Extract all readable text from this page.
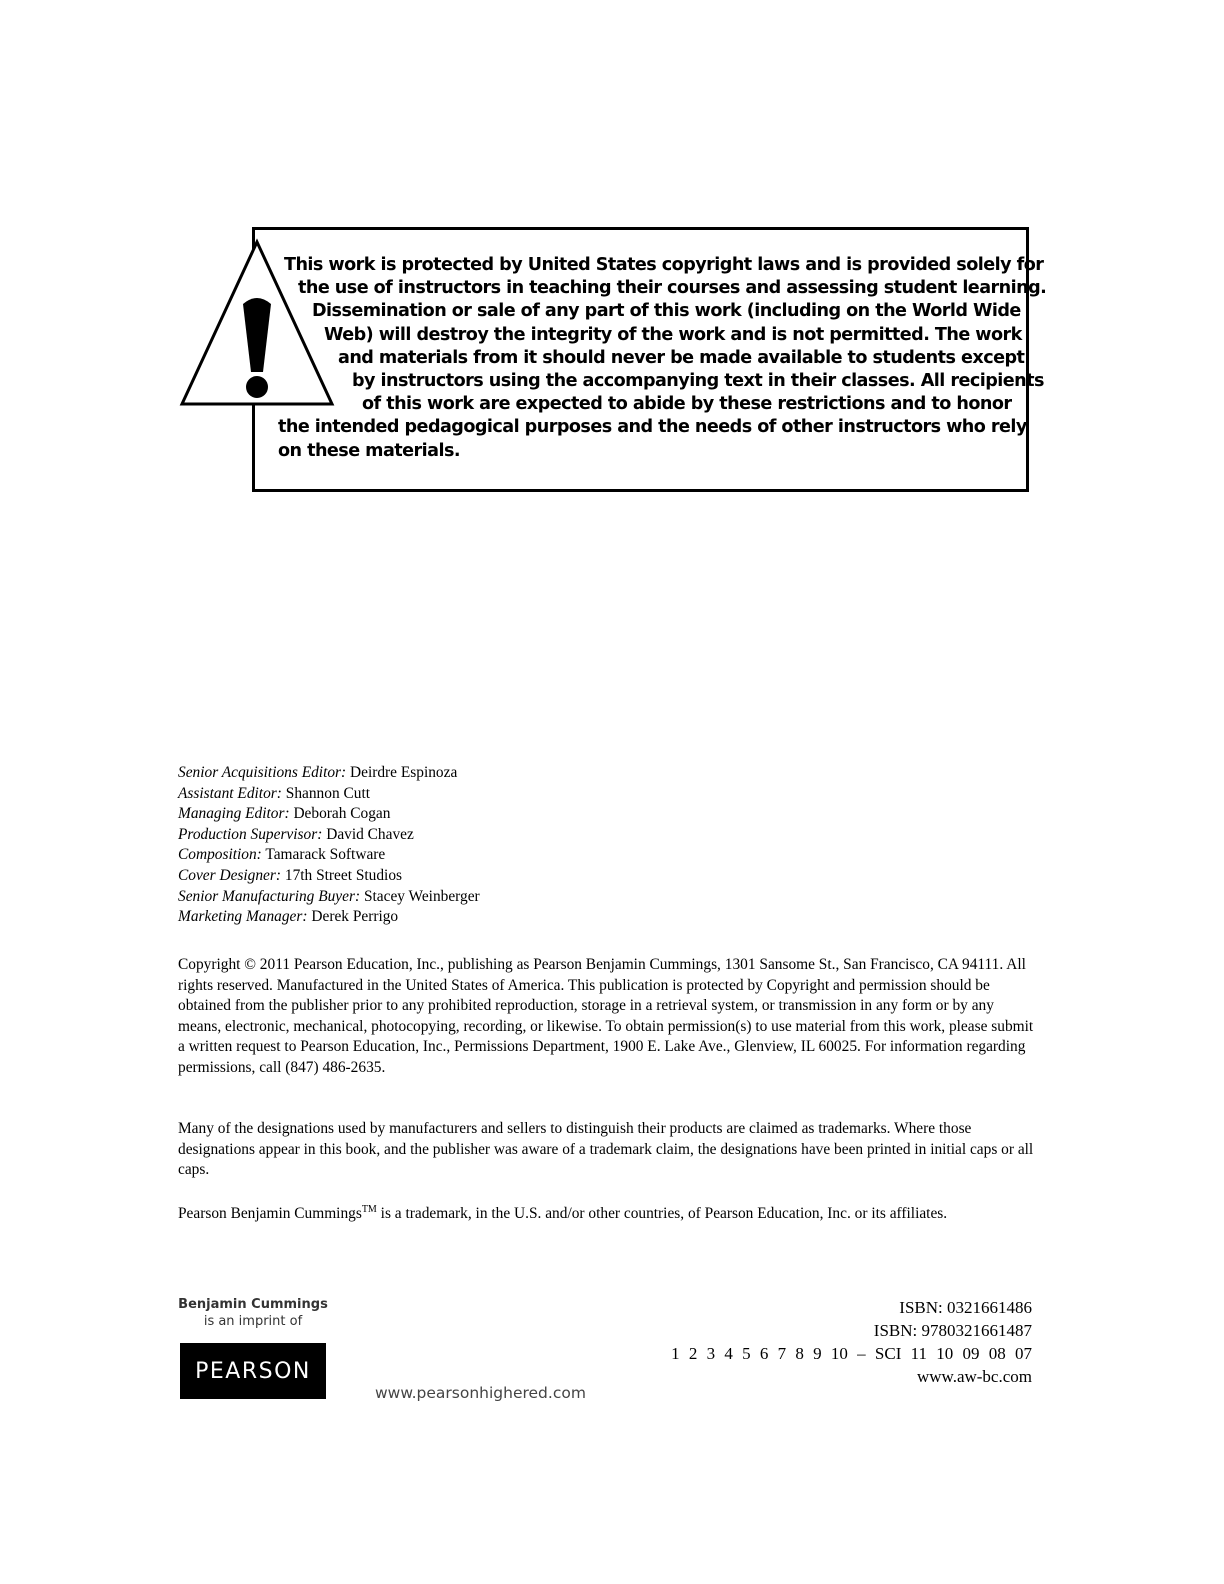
This work is protected by United States copyright laws and is provided solely for
the use of instructors in teaching their courses and assessing student learning.
Dissemination or sale of any part of this work (including on the World Wide
Web) will destroy the integrity of the work and is not permitted. The work
and materials from it should never be made available to students except
by instructors using the accompanying text in their classes. All recipients
of this work are expected to abide by these restrictions and to honor
the intended pedagogical purposes and the needs of other instructors who rely
on these materials.
Senior Acquisitions Editor: Deirdre Espinoza
Assistant Editor: Shannon Cutt
Managing Editor: Deborah Cogan
Production Supervisor: David Chavez
Composition: Tamarack Software
Cover Designer: 17th Street Studios
Senior Manufacturing Buyer: Stacey Weinberger
Marketing Manager: Derek Perrigo

Copyright © 2011 Pearson Education, Inc., publishing as Pearson Benjamin Cummings, 1301 Sansome St., San Francisco, CA 94111. All rights reserved. Manufactured in the United States of America. This publication is protected by Copyright and permission should be obtained from the publisher prior to any prohibited reproduction, storage in a retrieval system, or transmission in any form or by any means, electronic, mechanical, photocopying, recording, or likewise. To obtain permission(s) to use material from this work, please submit a written request to Pearson Education, Inc., Permissions Department, 1900 E. Lake Ave., Glenview, IL 60025. For information regarding permissions, call (847) 486-2635.

Many of the designations used by manufacturers and sellers to distinguish their products are claimed as trademarks. Where those designations appear in this book, and the publisher was aware of a trademark claim, the designations have been printed in initial caps or all caps.

Pearson Benjamin Cummings™ is a trademark, in the U.S. and/or other countries, of Pearson Education, Inc. or its affiliates.

Benjamin Cummings
is an imprint of
PEARSON
www.pearsonhighered.com
ISBN: 0321661486
ISBN: 9780321661487
1 2 3 4 5 6 7 8 9 10 – SCI 11 10 09 08 07
www.aw-bc.com
